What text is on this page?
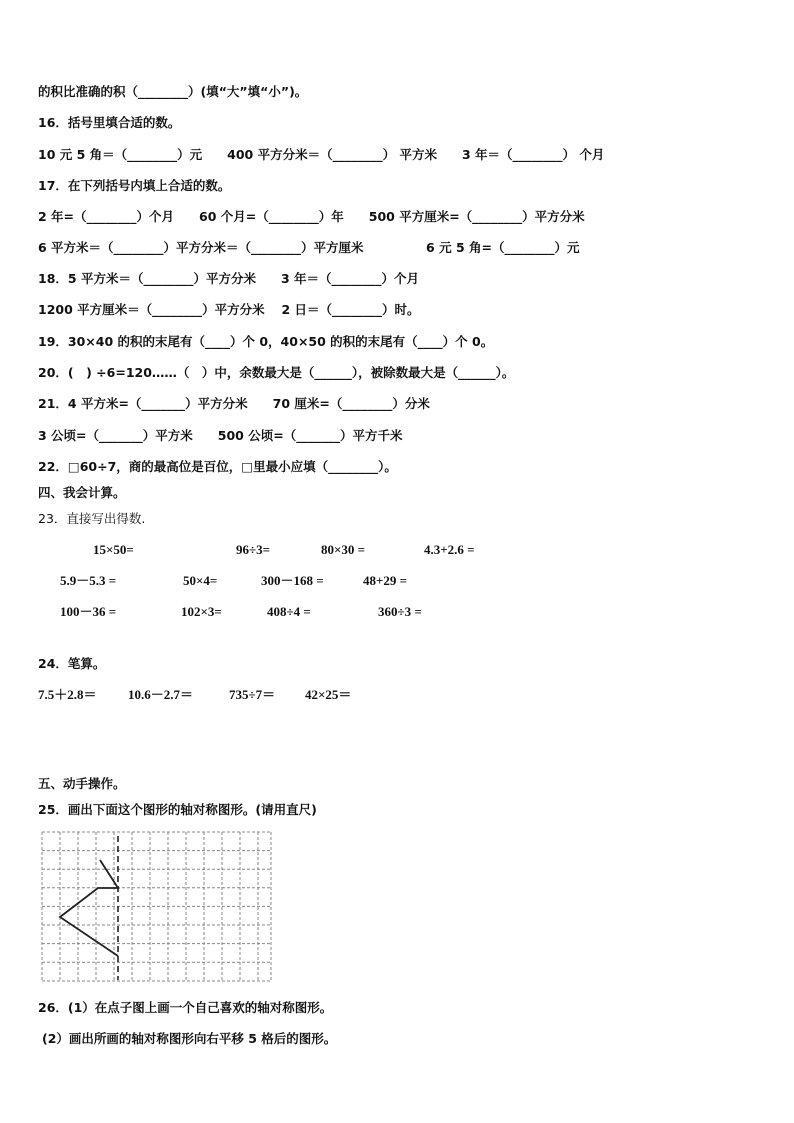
的积比准确的积（________）(填“大”填“小”)。
16．括号里填合适的数。
10 元 5 角＝（________）元　　400 平方分米＝（________） 平方米　　3 年＝（________） 个月
17．在下列括号内填上合适的数。
2 年=（________）个月　　60 个月=（________）年　　500 平方厘米=（________）平方分米
6 平方米＝（________）平方分米＝（________）平方厘米　　　　　6 元 5 角=（________）元
18．5 平方米＝（________）平方分米　　3 年＝（________）个月
1200 平方厘米＝（________）平方分米　 2 日＝（________）时。
19．30×40 的积的末尾有（____）个 0，40×50 的积的末尾有（____）个 0。
20．(　) ÷6=120……（　）中，余数最大是（______），被除数最大是（______）。
21．4 平方米=（_______）平方分米　　70 厘米=（________）分米
3 公顷=（_______）平方米　　500 公顷=（_______）平方千米
22．□60÷7，商的最高位是百位，□里最小应填（________）。
四、我会计算。
23．直接写出得数.
15×50=	96÷3=	80×30 =	4.3+2.6 =
5.9－5.3 =	50×4=	300－168 =	48+29 =
100－36 =	102×3=	408÷4 =	360÷3 =
24．笔算。
7.5＋2.8＝ 10.6－2.7＝	735÷7＝ 42×25＝
五、动手操作。
25．画出下面这个图形的轴对称图形。(请用直尺)
26．(1）在点子图上画一个自己喜欢的轴对称图形。
(2）画出所画的轴对称图形向右平移 5 格后的图形。
